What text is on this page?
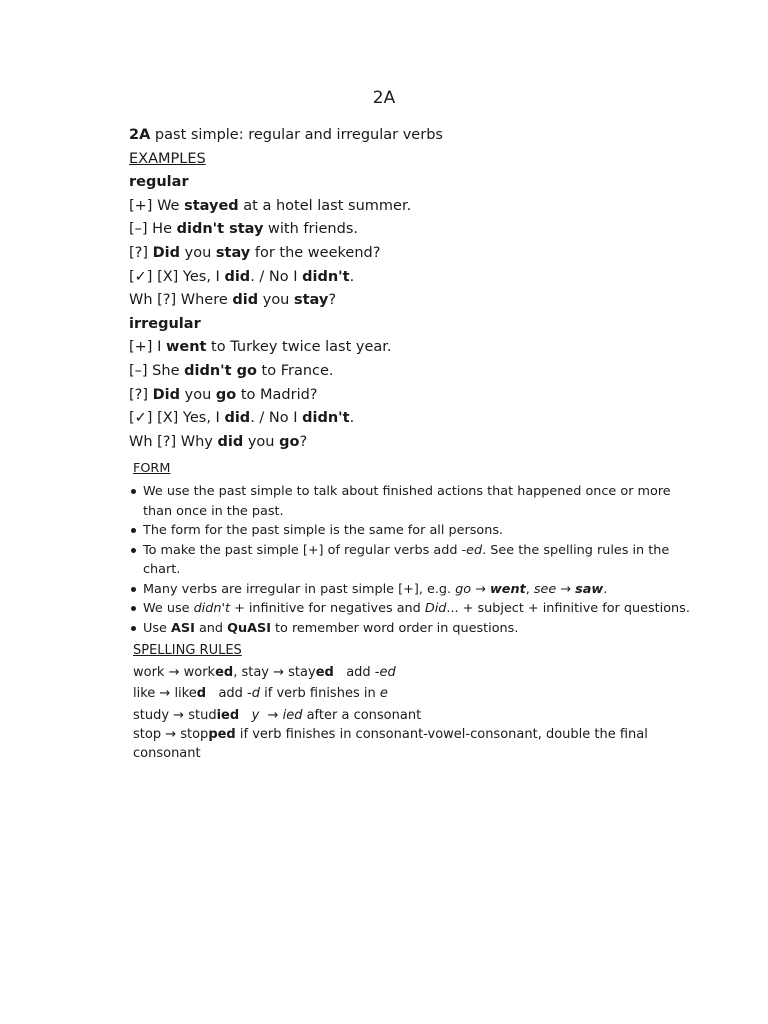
2A
2A past simple: regular and irregular verbs
EXAMPLES
regular
[+] We stayed at a hotel last summer.
[–] He didn't stay with friends.
[?] Did you stay for the weekend?
[✓] [X] Yes, I did. / No I didn't.
Wh [?] Where did you stay?
irregular
[+] I went to Turkey twice last year.
[–] She didn't go to France.
[?] Did you go to Madrid?
[✓] [X] Yes, I did. / No I didn't.
Wh [?] Why did you go?
FORM
We use the past simple to talk about finished actions that happened once or more than once in the past.
The form for the past simple is the same for all persons.
To make the past simple [+] of regular verbs add -ed. See the spelling rules in the chart.
Many verbs are irregular in past simple [+], e.g. go → went, see → saw.
We use didn't + infinitive for negatives and Did... + subject + infinitive for questions.
Use ASI and QuASI to remember word order in questions.
SPELLING RULES
work → worked, stay → stayed   add -ed
like → liked   add -d if verb finishes in e
study → studied y  → ied after a consonant
stop → stopped if verb finishes in consonant-vowel-consonant, double the final consonant
